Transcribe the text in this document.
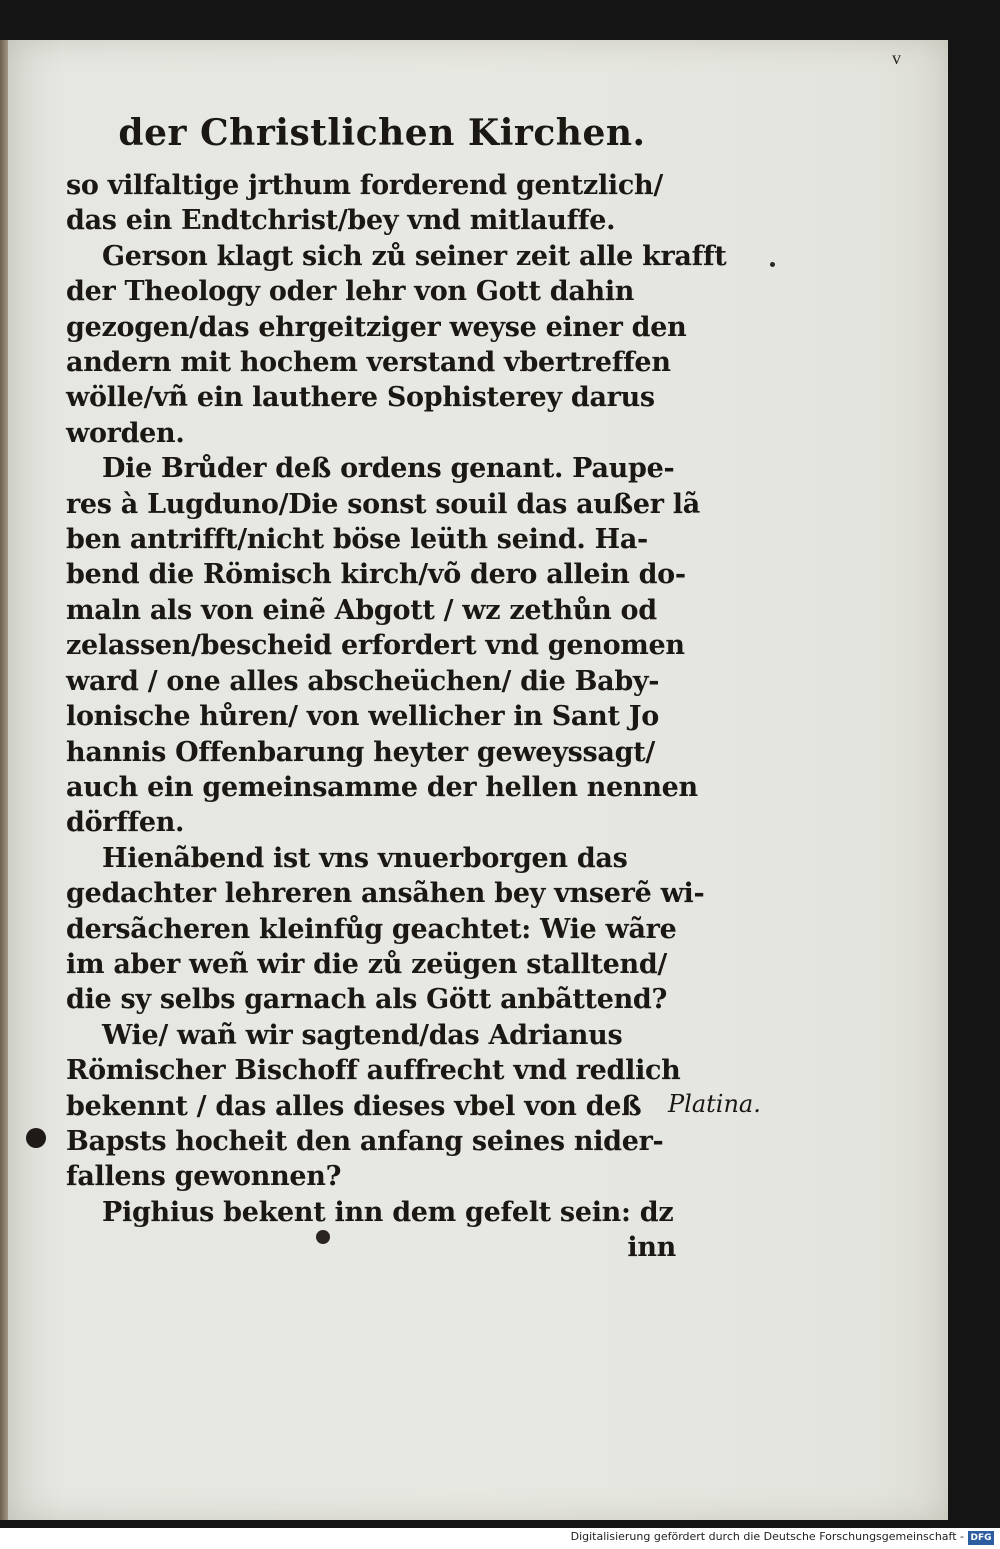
v
der Christlichen Kirchen.
so vilfaltige jrthum forderend gentzlich/
das ein Endtchrist/bey vnd mitlauffe.
Gerson klagt sich zů seiner zeit alle krafft
der Theology oder lehr von Gott dahin
gezogen/das ehrgeitziger weyse einer den
andern mit hochem verstand vbertreffen
wölle/vñ ein lauthere Sophisterey darus
worden.
Die Brůder deß ordens genant. Paupe-
res à Lugduno/Die sonst souil das außer lã
ben antrifft/nicht böse leüth seind. Ha-
bend die Römisch kirch/võ dero allein do-
maln als von einẽ Abgott / wz zethůn od
zelassen/bescheid erfordert vnd genomen
ward / one alles abscheüchen/ die Baby-
lonische hůren/ von wellicher in Sant Jo
hannis Offenbarung heyter geweyssagt/
auch ein gemeinsamme der hellen nennen
dörffen.
Hienãbend ist vns vnuerborgen das
gedachter lehreren ansãhen bey vnserẽ wi-
dersãcheren kleinfůg geachtet: Wie wãre
im aber weñ wir die zů zeügen stalltend/
die sy selbs garnach als Gött anbãttend?
Wie/ wañ wir sagtend/das Adrianus
Römischer Bischoff auffrecht vnd redlich
bekennt / das alles dieses vbel von deß
Bapsts hocheit den anfang seines nider-
fallens gewonnen?
Pighius bekent inn dem gefelt sein: dz
inn
Platina.
Digitalisierung gefördert durch die Deutsche Forschungsgemeinschaft - DFG
